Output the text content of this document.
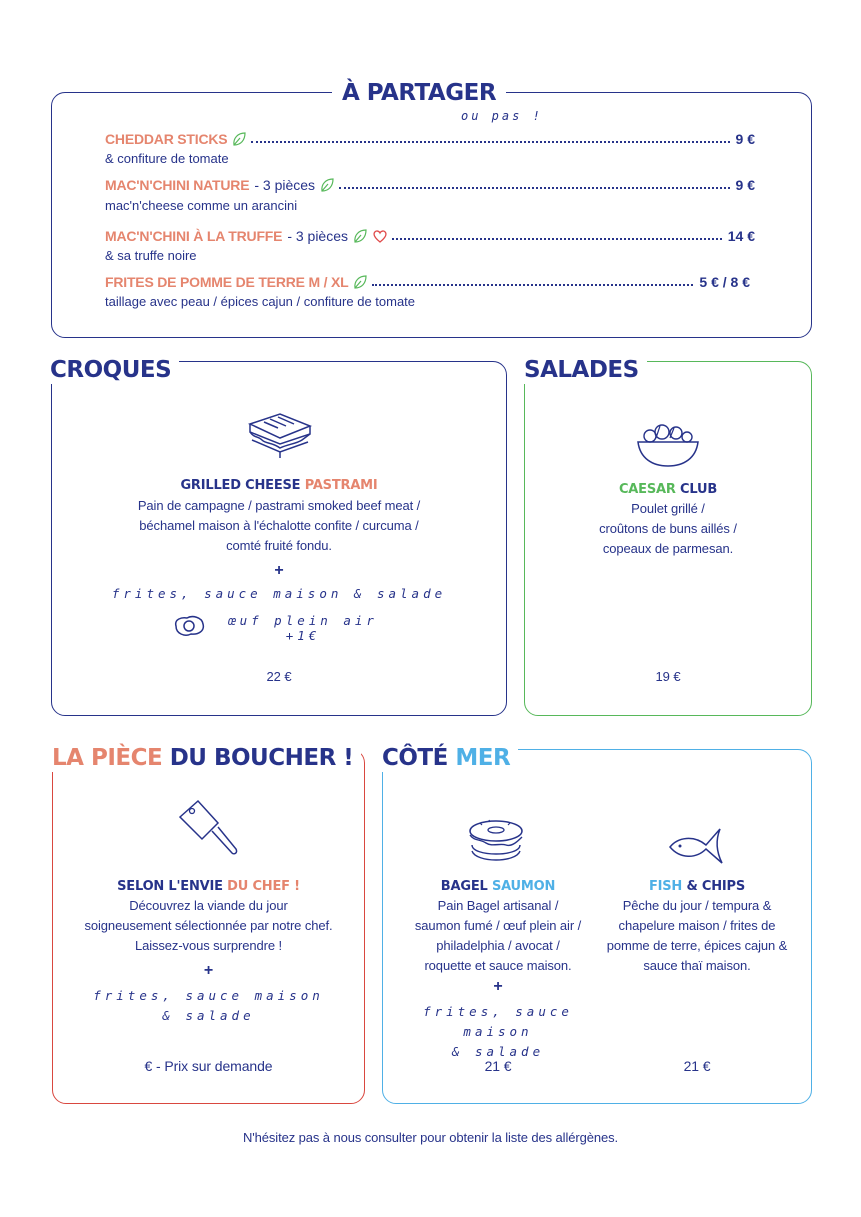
À PARTAGER
ou pas !
CHEDDAR STICKS	9 €
& confiture de tomate
MAC'N'CHINI NATURE - 3 pièces	9 €
mac'n'cheese comme un arancini
MAC'N'CHINI À LA TRUFFE - 3 pièces	14 €
& sa truffe noire
FRITES DE POMME DE TERRE M / XL	5 € / 8 €
taillage avec peau / épices cajun / confiture de tomate
CROQUES
GRILLED CHEESE PASTRAMI
Pain de campagne / pastrami smoked beef meat /
béchamel maison à l'échalotte confite / curcuma /
comté fruité fondu.
+
frites, sauce maison & salade
œuf plein air +1€
22 €
SALADES
CAESAR CLUB
Poulet grillé /
croûtons de buns aillés /
copeaux de parmesan.
19 €
LA PIÈCE DU BOUCHER !
SELON L'ENVIE DU CHEF !
Découvrez la viande du jour
soigneusement sélectionnée par notre chef.
Laissez-vous surprendre !
+
frites, sauce maison
& salade
€ - Prix sur demande
CÔTÉ MER
BAGEL SAUMON
Pain Bagel artisanal /
saumon fumé / œuf plein air /
philadelphia / avocat /
roquette et sauce maison.
+
frites, sauce maison
& salade
21 €
FISH & CHIPS
Pêche du jour / tempura &
chapelure maison / frites de
pomme de terre, épices cajun &
sauce thaï maison.
21 €
N'hésitez pas à nous consulter pour obtenir la liste des allérgènes.
